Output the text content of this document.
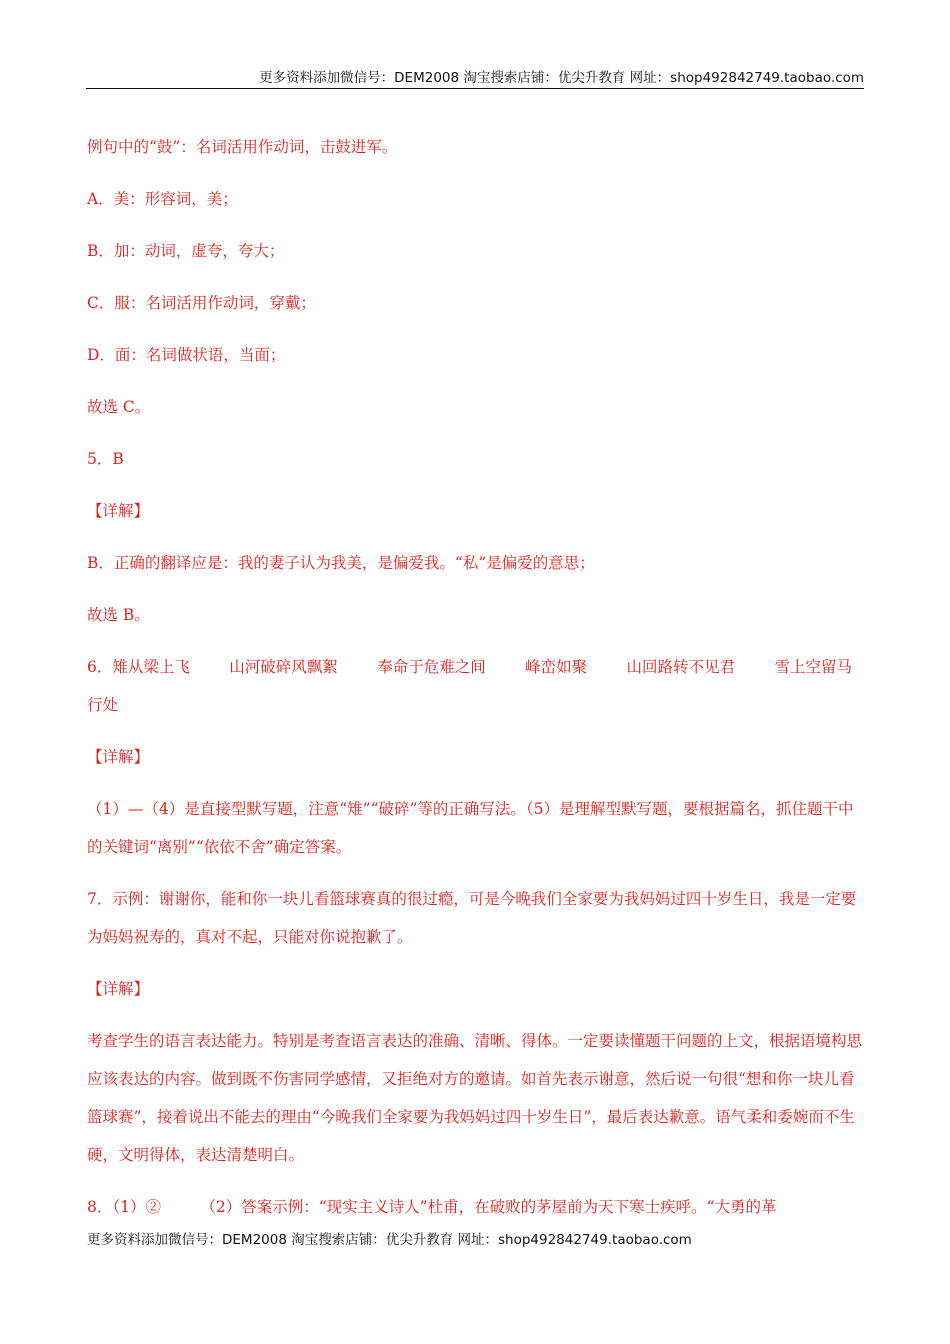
更多资料添加微信号：DEM2008 淘宝搜索店铺：优尖升教育 网址：shop492842749.taobao.com

例句中的“鼓”：名词活用作动词，击鼓进军。

A．美：形容词，美；

B．加：动词，虚夸，夸大；

C．服：名词活用作动词，穿戴；

D．面：名词做状语，当面；

故选 C。

5．B

【详解】

B．正确的翻译应是：我的妻子认为我美，是偏爱我。“私”是偏爱的意思；

故选 B。

6．雉从梁上飞        山河破碎风飘絮        奉命于危难之间        峰峦如聚        山回路转不见君        雪上空留马行处

【详解】

（1）—（4）是直接型默写题，注意“雉”“破碎”等的正确写法。（5）是理解型默写题，要根据篇名，抓住题干中的关键词“离别”“依依不舍”确定答案。

7．示例：谢谢你，能和你一块儿看篮球赛真的很过瘾，可是今晚我们全家要为我妈妈过四十岁生日，我是一定要为妈妈祝寿的，真对不起，只能对你说抱歉了。

【详解】

考查学生的语言表达能力。特别是考查语言表达的准确、清晰、得体。一定要读懂题干问题的上文，根据语境构思应该表达的内容。做到既不伤害同学感情，又拒绝对方的邀请。如首先表示谢意，然后说一句很“想和你一块儿看篮球赛”，接着说出不能去的理由“今晚我们全家要为我妈妈过四十岁生日”，最后表达歉意。语气柔和委婉而不生硬，文明得体，表达清楚明白。

8．（1）②        （2）答案示例：“现实主义诗人”杜甫，在破败的茅屋前为天下寒士疾呼。“大勇的革

更多资料添加微信号：DEM2008 淘宝搜索店铺：优尖升教育 网址：shop492842749.taobao.com
